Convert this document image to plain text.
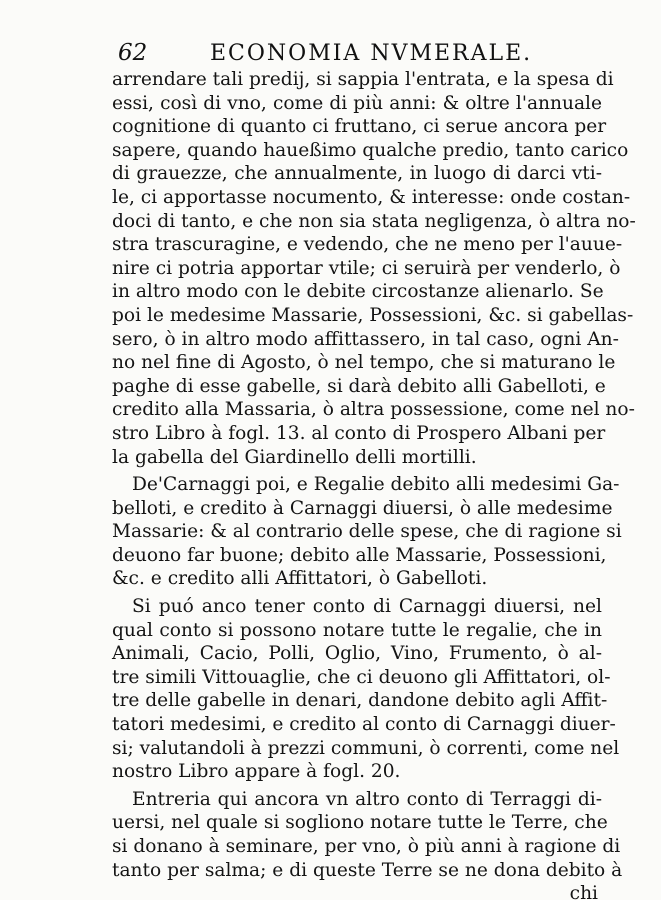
62	ECONOMIA NVMERALE.
arrendare tali predij, si sappia l'entrata, e la spesa di
essi, così di vno, come di più anni: & oltre l'annuale
cognitione di quanto ci fruttano, ci serue ancora per
sapere, quando haueßimo qualche predio, tanto carico
di grauezze, che annualmente, in luogo di darci vti-
le, ci apportasse nocumento, & interesse: onde costan-
doci di tanto, e che non sia stata negligenza, ò altra no-
stra trascuragine, e vedendo, che ne meno per l'auue-
nire ci potria apportar vtile; ci seruirà per venderlo, ò
in altro modo con le debite circostanze alienarlo. Se
poi le medesime Massarie, Possessioni, &c. si gabellas-
sero, ò in altro modo affittassero, in tal caso, ogni An-
no nel fine di Agosto, ò nel tempo, che si maturano le
paghe di esse gabelle, si darà debito alli Gabelloti, e
credito alla Massaria, ò altra possessione, come nel no-
stro Libro à fogl. 13. al conto di Prospero Albani per
la gabella del Giardinello delli mortilli.
De'Carnaggi poi, e Regalie debito alli medesimi Ga-
belloti, e credito à Carnaggi diuersi, ò alle medesime
Massarie: & al contrario delle spese, che di ragione si
deuono far buone; debito alle Massarie, Possessioni,
&c. e credito alli Affittatori, ò Gabelloti.
Si puó anco tener conto di Carnaggi diuersi, nel
qual conto si possono notare tutte le regalie, che in
Animali, Cacio, Polli, Oglio, Vino, Frumento, ò al-
tre simili Vittouaglie, che ci deuono gli Affittatori, ol-
tre delle gabelle in denari, dandone debito agli Affit-
tatori medesimi, e credito al conto di Carnaggi diuer-
si; valutandoli à prezzi communi, ò correnti, come nel
nostro Libro appare à fogl. 20.
Entreria qui ancora vn altro conto di Terraggi di-
uersi, nel quale si sogliono notare tutte le Terre, che
si donano à seminare, per vno, ò più anni à ragione di
tanto per salma; e di queste Terre se ne dona debito à
chi
